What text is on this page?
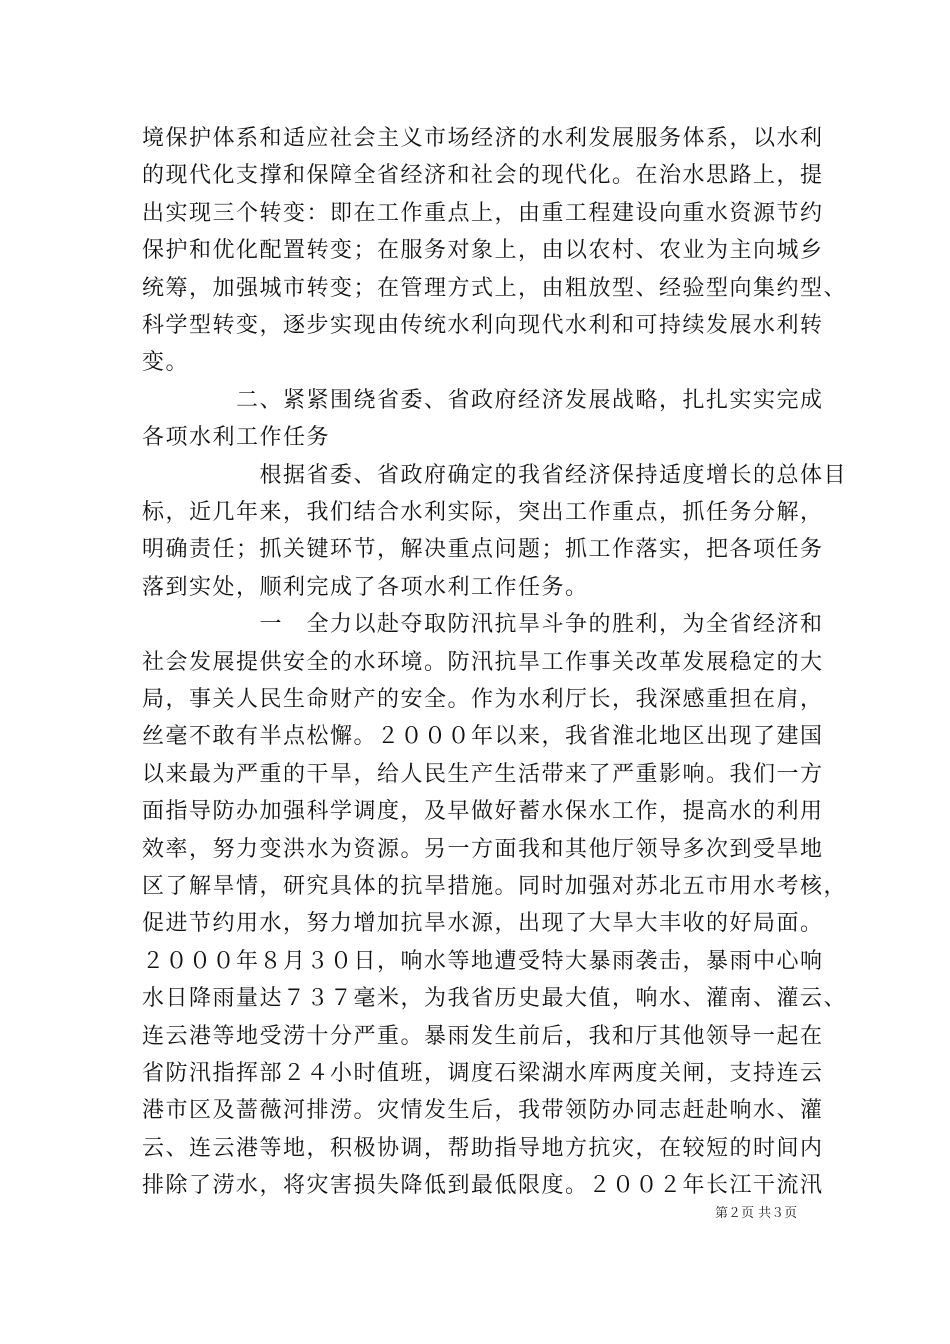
境保护体系和适应社会主义市场经济的水利发展服务体系，以水利
的现代化支撑和保障全省经济和社会的现代化。在治水思路上，提
出实现三个转变：即在工作重点上，由重工程建设向重水资源节约
保护和优化配置转变；在服务对象上，由以农村、农业为主向城乡
统筹，加强城市转变；在管理方式上，由粗放型、经验型向集约型、
科学型转变，逐步实现由传统水利向现代水利和可持续发展水利转
变。
　　　　二、紧紧围绕省委、省政府经济发展战略，扎扎实实完成
各项水利工作任务
　　　　　根据省委、省政府确定的我省经济保持适度增长的总体目
标，近几年来，我们结合水利实际，突出工作重点，抓任务分解，
明确责任；抓关键环节，解决重点问题；抓工作落实，把各项任务
落到实处，顺利完成了各项水利工作任务。
　　　　　一　全力以赴夺取防汛抗旱斗争的胜利，为全省经济和
社会发展提供安全的水环境。防汛抗旱工作事关改革发展稳定的大
局，事关人民生命财产的安全。作为水利厅长，我深感重担在肩，
丝毫不敢有半点松懈。２０００年以来，我省淮北地区出现了建国
以来最为严重的干旱，给人民生产生活带来了严重影响。我们一方
面指导防办加强科学调度，及早做好蓄水保水工作，提高水的利用
效率，努力变洪水为资源。另一方面我和其他厅领导多次到受旱地
区了解旱情，研究具体的抗旱措施。同时加强对苏北五市用水考核，
促进节约用水，努力增加抗旱水源，出现了大旱大丰收的好局面。
２０００年８月３０日，响水等地遭受特大暴雨袭击，暴雨中心响
水日降雨量达７３７毫米，为我省历史最大值，响水、灌南、灌云、
连云港等地受涝十分严重。暴雨发生前后，我和厅其他领导一起在
省防汛指挥部２４小时值班，调度石梁湖水库两度关闸，支持连云
港市区及蔷薇河排涝。灾情发生后，我带领防办同志赶赴响水、灌
云、连云港等地，积极协调，帮助指导地方抗灾，在较短的时间内
排除了涝水，将灾害损失降低到最低限度。２００２年长江干流汛
第２页 共３页
